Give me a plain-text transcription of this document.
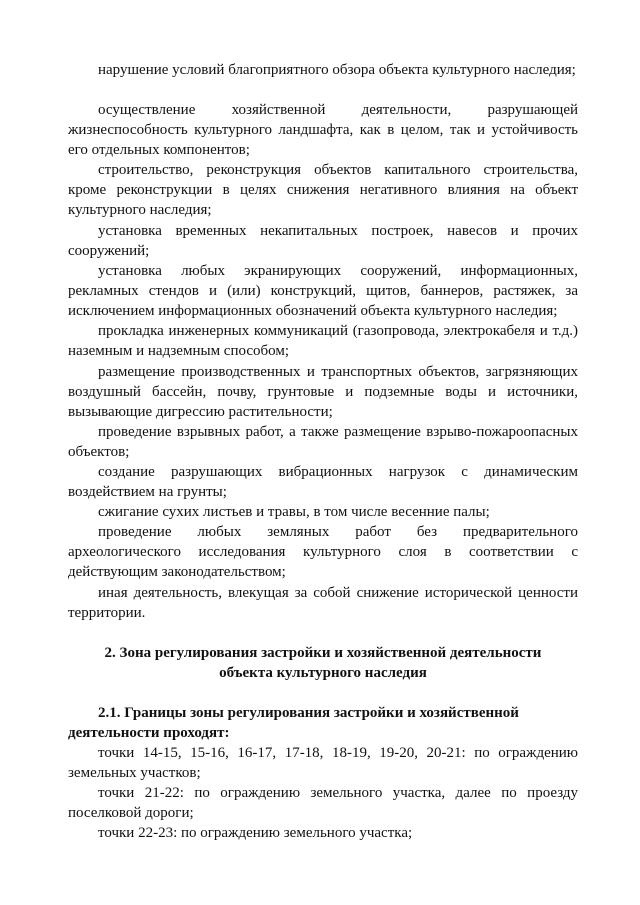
нарушение условий благоприятного обзора объекта культурного наследия;

осуществление хозяйственной деятельности, разрушающей жизнеспособность культурного ландшафта, как в целом, так и устойчивость его отдельных компонентов;

строительство, реконструкция объектов капитального строительства, кроме реконструкции в целях снижения негативного влияния на объект культурного наследия;

установка временных некапитальных построек, навесов и прочих сооружений;

установка любых экранирующих сооружений, информационных, рекламных стендов и (или) конструкций, щитов, баннеров, растяжек, за исключением информационных обозначений объекта культурного наследия;

прокладка инженерных коммуникаций (газопровода, электрокабеля и т.д.) наземным и надземным способом;

размещение производственных и транспортных объектов, загрязняющих воздушный бассейн, почву, грунтовые и подземные воды и источники, вызывающие дигрессию растительности;

проведение взрывных работ, а также размещение взрыво-пожароопасных объектов;

создание разрушающих вибрационных нагрузок с динамическим воздействием на грунты;

сжигание сухих листьев и травы, в том числе весенние палы;

проведение любых земляных работ без предварительного археологического исследования культурного слоя в соответствии с действующим законодательством;

иная деятельность, влекущая за собой снижение исторической ценности территории.

2. Зона регулирования застройки и хозяйственной деятельности
объекта культурного наследия

2.1. Границы зоны регулирования застройки и хозяйственной деятельности проходят:

точки 14-15, 15-16, 16-17, 17-18, 18-19, 19-20, 20-21: по ограждению земельных участков;

точки 21-22: по ограждению земельного участка, далее по проезду поселковой дороги;

точки 22-23: по ограждению земельного участка;
